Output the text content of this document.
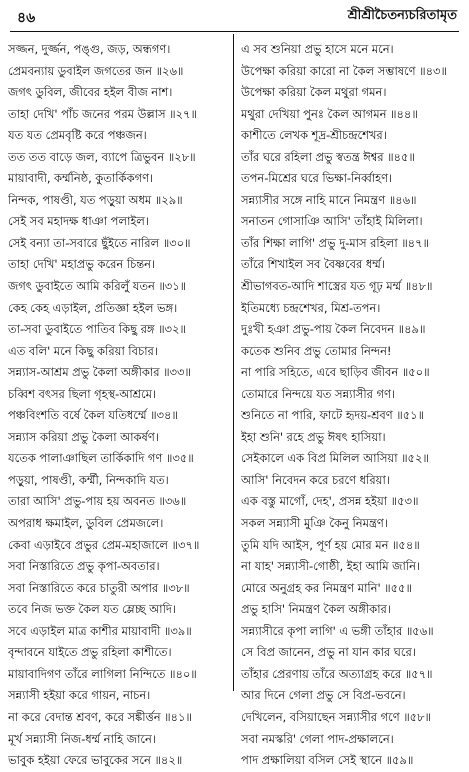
৪৬	শ্রীশ্রীচৈতন্যচরিতামৃত
সজ্জন, দুর্জ্জন, পঙ্গু, জড়, অন্ধগণ।
প্রেমবন্যায় ডুবাইল জগতের জন ॥২৬॥
জগৎ ডুবিল, জীবের হইল বীজ নাশ।
তাহা দেখি' পাঁচ জনের পরম উল্লাস ॥২৭॥
যত যত প্রেমবৃষ্টি করে পঞ্চজন।
তত তত বাড়ে জল, ব্যাপে ত্রিভুবন ॥২৮॥
মায়াবাদী, কর্ম্মনিষ্ঠ, কুতার্কিকগণ।
নিন্দক, পাষণ্ডী, যত পড়ুয়া অধম ॥২৯॥
সেই সব মহাদক্ষ ধাঞা পলাইল।
সেই বন্যা তা-সবারে ছুঁইতে নারিল ॥৩০॥
তাহা দেখি' মহাপ্রভু করেন চিন্তন।
জগৎ ডুবাইতে আমি করিলুঁ যতন ॥৩১॥
কেহ কেহ এড়াইল, প্রতিজ্ঞা হইল ভঙ্গ।
তা-সবা ডুবাইতে পাতিব কিছু রঙ্গ ॥৩২॥
এত বলি' মনে কিছু করিয়া বিচার।
সন্ন্যাস-আশ্রম প্রভু কৈলা অঙ্গীকার ॥৩৩॥
চব্বিশ বৎসর ছিলা গৃহস্থ-আশ্রমে।
পঞ্চবিংশতি বর্ষে কৈল যতিধর্ম্মে ॥৩৪॥
সন্ন্যাস করিয়া প্রভু কৈলা আকর্ষণ।
যতেক পালাঞাছিল তার্কিকাদি গণ ॥৩৫॥
পড়ুয়া, পাষণ্ডী, কর্ম্মী, নিন্দকাদি যত।
তারা আসি' প্রভু-পায় হয় অবনত ॥৩৬॥
অপরাধ ক্ষমাইল, ডুবিল প্রেমজলে।
কেবা এড়াইবে প্রভুর প্রেম-মহাজালে ॥৩৭॥
সবা নিস্তারিতে প্রভু কৃপা-অবতার।
সবা নিস্তারিতে করে চাতুরী অপার ॥৩৮॥
তবে নিজ ভক্ত কৈল যত ম্লেচ্ছ আদি।
সবে এড়াইল মাত্র কাশীর মায়াবাদী ॥৩৯॥
বৃন্দাবনে যাইতে প্রভু রহিলা কাশীতে।
মায়াবাদিগণ তাঁরে লাগিলা নিন্দিতে ॥৪০॥
সন্ন্যাসী হইয়া করে গায়ন, নাচন।
না করে বেদান্ত শ্রবণ, করে সঙ্কীর্ত্তন ॥৪১॥
মূর্খ সন্ন্যাসী নিজ-ধর্ম্ম নাহি জানে।
ভাবুক হইয়া ফেরে ভাবুকের সনে ॥৪২॥
এ সব শুনিয়া প্রভু হাসে মনে মনে।
উপেক্ষা করিয়া কারো না কৈল সম্ভাষণে ॥৪৩॥
উপেক্ষা করিয়া কৈল মথুরা গমন।
মথুরা দেখিয়া পুনঃ কৈল আগমন ॥৪৪॥
কাশীতে লেখক শূদ্র-শ্রীচন্দ্রশেখর।
তাঁর ঘরে রহিলা প্রভু স্বতন্ত্র ঈশ্বর ॥৪৫॥
তপন-মিশ্রের ঘরে ভিক্ষা-নির্ব্বাহণ।
সন্ন্যাসীর সঙ্গে নাহি মানে নিমন্ত্রণ ॥৪৬॥
সনাতন গোসাঞি আসি' তাঁহাই মিলিলা।
তাঁর শিক্ষা লাগি' প্রভু দু-মাস রহিলা ॥৪৭॥
তাঁরে শিখাইল সব বৈষ্ণবের ধর্ম্ম।
শ্রীভাগবত-আদি শাস্ত্রের যত গূঢ় মর্ম্ম ॥৪৮॥
ইতিমধ্যে চন্দ্রশেখর, মিশ্র-তপন।
দুঃখী হঞা প্রভু-পায় কৈল নিবেদন ॥৪৯॥
কতেক শুনিব প্রভু তোমার নিন্দন!
না পারি সহিতে, এবে ছাড়িব জীবন ॥৫০॥
তোমারে নিন্দয়ে যত সন্ন্যাসীর গণ।
শুনিতে না পারি, ফাটে হৃদয়-শ্রবণ ॥৫১॥
ইহা শুনি' রহে প্রভু ঈষৎ হাসিয়া।
সেইকালে এক বিপ্র মিলিল আসিয়া ॥৫২॥
আসি' নিবেদন করে চরণে ধরিয়া।
এক বস্তু মাগোঁ, দেহ', প্রসন্ন হইয়া ॥৫৩॥
সকল সন্ন্যাসী মুঞি কৈনু নিমন্ত্রণ।
তুমি যদি আইস, পূর্ণ হয় মোর মন ॥৫৪॥
না যাহ' সন্ন্যাসী-গোষ্ঠী, ইহা আমি জানি।
মোরে অনুগ্রহ কর নিমন্ত্রণ মানি' ॥৫৫॥
প্রভু হাসি' নিমন্ত্রণ কৈল অঙ্গীকার।
সন্ন্যাসীরে কৃপা লাগি' এ ভঙ্গী তাঁহার ॥৫৬॥
সে বিপ্র জানেন, প্রভু না যান কার ঘরে।
তাঁহার প্রেরণায় তাঁরে অত্যাগ্রহ করে ॥৫৭॥
আর দিনে গেলা প্রভু সে বিপ্র-ভবনে।
দেখিলেন, বসিয়াছেন সন্ন্যাসীর গণে ॥৫৮॥
সবা নমস্করি' গেলা পাদ-প্রক্ষালনে।
পাদ প্রক্ষালিয়া বসিল সেই স্থানে ॥৫৯॥
